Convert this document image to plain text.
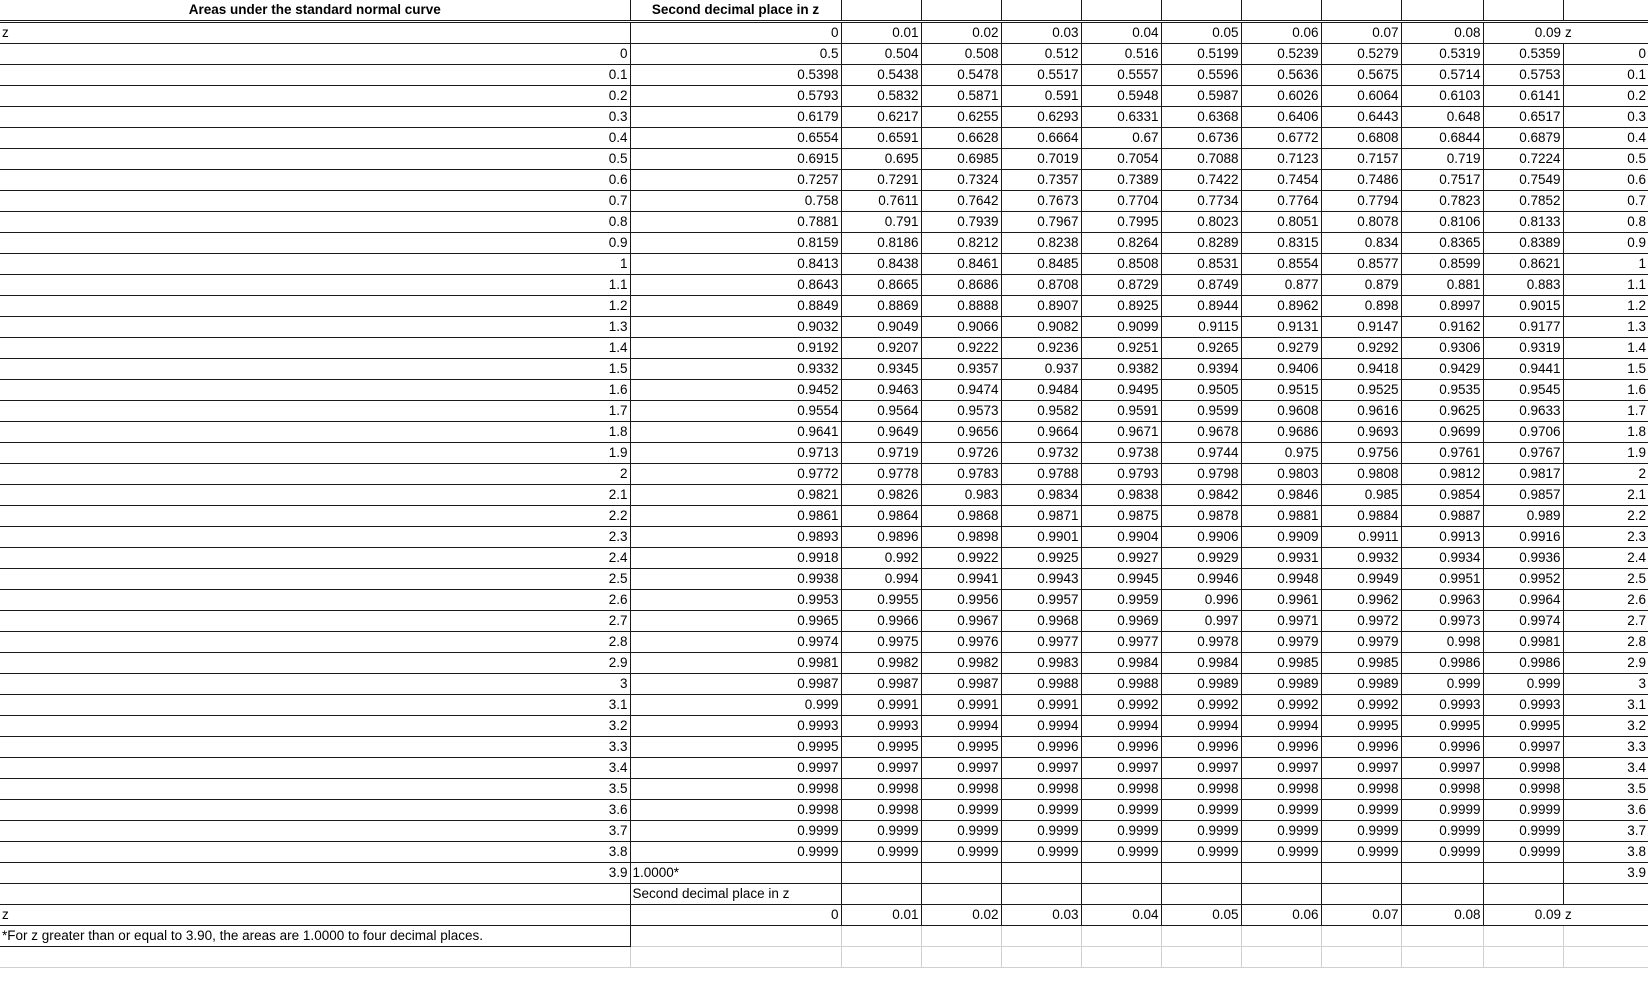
Areas under the standard normal curve	Second decimal place in z										
z	0	0.01	0.02	0.03	0.04	0.05	0.06	0.07	0.08	0.09	z
0	0.5	0.504	0.508	0.512	0.516	0.5199	0.5239	0.5279	0.5319	0.5359	0
0.1	0.5398	0.5438	0.5478	0.5517	0.5557	0.5596	0.5636	0.5675	0.5714	0.5753	0.1
0.2	0.5793	0.5832	0.5871	0.591	0.5948	0.5987	0.6026	0.6064	0.6103	0.6141	0.2
0.3	0.6179	0.6217	0.6255	0.6293	0.6331	0.6368	0.6406	0.6443	0.648	0.6517	0.3
0.4	0.6554	0.6591	0.6628	0.6664	0.67	0.6736	0.6772	0.6808	0.6844	0.6879	0.4
0.5	0.6915	0.695	0.6985	0.7019	0.7054	0.7088	0.7123	0.7157	0.719	0.7224	0.5
0.6	0.7257	0.7291	0.7324	0.7357	0.7389	0.7422	0.7454	0.7486	0.7517	0.7549	0.6
0.7	0.758	0.7611	0.7642	0.7673	0.7704	0.7734	0.7764	0.7794	0.7823	0.7852	0.7
0.8	0.7881	0.791	0.7939	0.7967	0.7995	0.8023	0.8051	0.8078	0.8106	0.8133	0.8
0.9	0.8159	0.8186	0.8212	0.8238	0.8264	0.8289	0.8315	0.834	0.8365	0.8389	0.9
1	0.8413	0.8438	0.8461	0.8485	0.8508	0.8531	0.8554	0.8577	0.8599	0.8621	1
1.1	0.8643	0.8665	0.8686	0.8708	0.8729	0.8749	0.877	0.879	0.881	0.883	1.1
1.2	0.8849	0.8869	0.8888	0.8907	0.8925	0.8944	0.8962	0.898	0.8997	0.9015	1.2
1.3	0.9032	0.9049	0.9066	0.9082	0.9099	0.9115	0.9131	0.9147	0.9162	0.9177	1.3
1.4	0.9192	0.9207	0.9222	0.9236	0.9251	0.9265	0.9279	0.9292	0.9306	0.9319	1.4
1.5	0.9332	0.9345	0.9357	0.937	0.9382	0.9394	0.9406	0.9418	0.9429	0.9441	1.5
1.6	0.9452	0.9463	0.9474	0.9484	0.9495	0.9505	0.9515	0.9525	0.9535	0.9545	1.6
1.7	0.9554	0.9564	0.9573	0.9582	0.9591	0.9599	0.9608	0.9616	0.9625	0.9633	1.7
1.8	0.9641	0.9649	0.9656	0.9664	0.9671	0.9678	0.9686	0.9693	0.9699	0.9706	1.8
1.9	0.9713	0.9719	0.9726	0.9732	0.9738	0.9744	0.975	0.9756	0.9761	0.9767	1.9
2	0.9772	0.9778	0.9783	0.9788	0.9793	0.9798	0.9803	0.9808	0.9812	0.9817	2
2.1	0.9821	0.9826	0.983	0.9834	0.9838	0.9842	0.9846	0.985	0.9854	0.9857	2.1
2.2	0.9861	0.9864	0.9868	0.9871	0.9875	0.9878	0.9881	0.9884	0.9887	0.989	2.2
2.3	0.9893	0.9896	0.9898	0.9901	0.9904	0.9906	0.9909	0.9911	0.9913	0.9916	2.3
2.4	0.9918	0.992	0.9922	0.9925	0.9927	0.9929	0.9931	0.9932	0.9934	0.9936	2.4
2.5	0.9938	0.994	0.9941	0.9943	0.9945	0.9946	0.9948	0.9949	0.9951	0.9952	2.5
2.6	0.9953	0.9955	0.9956	0.9957	0.9959	0.996	0.9961	0.9962	0.9963	0.9964	2.6
2.7	0.9965	0.9966	0.9967	0.9968	0.9969	0.997	0.9971	0.9972	0.9973	0.9974	2.7
2.8	0.9974	0.9975	0.9976	0.9977	0.9977	0.9978	0.9979	0.9979	0.998	0.9981	2.8
2.9	0.9981	0.9982	0.9982	0.9983	0.9984	0.9984	0.9985	0.9985	0.9986	0.9986	2.9
3	0.9987	0.9987	0.9987	0.9988	0.9988	0.9989	0.9989	0.9989	0.999	0.999	3
3.1	0.999	0.9991	0.9991	0.9991	0.9992	0.9992	0.9992	0.9992	0.9993	0.9993	3.1
3.2	0.9993	0.9993	0.9994	0.9994	0.9994	0.9994	0.9994	0.9995	0.9995	0.9995	3.2
3.3	0.9995	0.9995	0.9995	0.9996	0.9996	0.9996	0.9996	0.9996	0.9996	0.9997	3.3
3.4	0.9997	0.9997	0.9997	0.9997	0.9997	0.9997	0.9997	0.9997	0.9997	0.9998	3.4
3.5	0.9998	0.9998	0.9998	0.9998	0.9998	0.9998	0.9998	0.9998	0.9998	0.9998	3.5
3.6	0.9998	0.9998	0.9999	0.9999	0.9999	0.9999	0.9999	0.9999	0.9999	0.9999	3.6
3.7	0.9999	0.9999	0.9999	0.9999	0.9999	0.9999	0.9999	0.9999	0.9999	0.9999	3.7
3.8	0.9999	0.9999	0.9999	0.9999	0.9999	0.9999	0.9999	0.9999	0.9999	0.9999	3.8
3.9	1.0000*										3.9
	Second decimal place in z										
z	0	0.01	0.02	0.03	0.04	0.05	0.06	0.07	0.08	0.09	z
*For z greater than or equal to 3.90, the areas are 1.0000 to four decimal places.											
